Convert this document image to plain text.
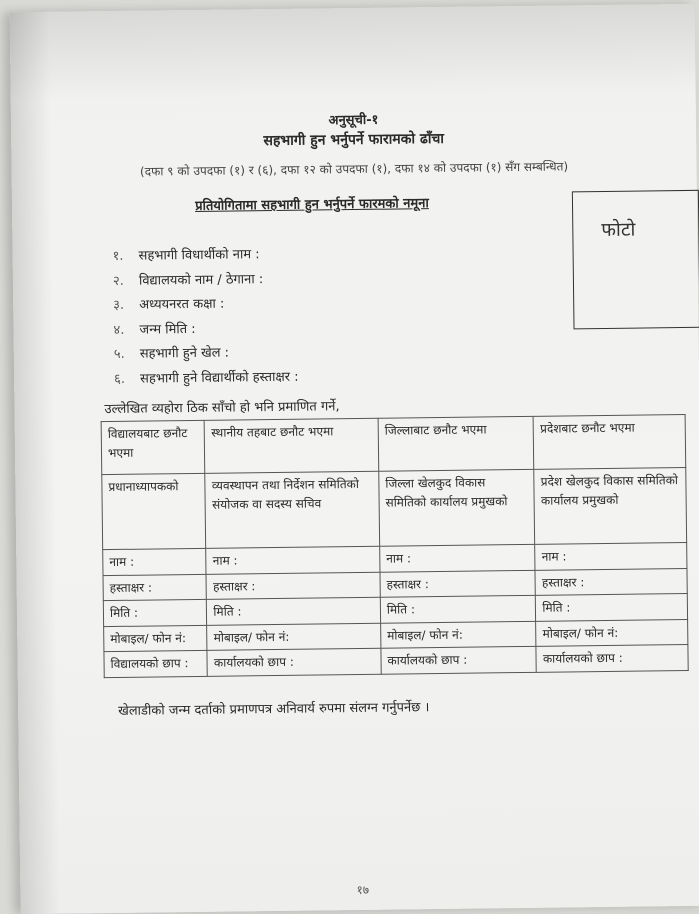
अनुसूची-१
सहभागी हुन भर्नुपर्ने फारामको ढाँचा
(दफा ९ को उपदफा (१) र (६), दफा १२ को उपदफा (१), दफा १४ को उपदफा (१) सँग सम्बन्धित)
प्रतियोगितामा सहभागी हुन भर्नुपर्ने फारमको नमूना
फोटो
१. सहभागी विधार्थीको नाम :
२. विद्यालयको नाम / ठेगाना :
३. अध्ययनरत कक्षा :
४. जन्म मिति :
५. सहभागी हुने खेल :
६. सहभागी हुने विद्यार्थीको हस्ताक्षर :
उल्लेखित व्यहोरा ठिक साँचो हो भनि प्रमाणित गर्ने,
विद्यालयबाट छनौट भएमा	स्थानीय तहबाट छनौट भएमा	जिल्लाबाट छनौट भएमा	प्रदेशबाट छनौट भएमा
प्रधानाध्यापकको	व्यवस्थापन तथा निर्देशन समितिको संयोजक वा सदस्य सचिव	जिल्ला खेलकुद विकास समितिको कार्यालय प्रमुखको	प्रदेश खेलकुद विकास समितिको कार्यालय प्रमुखको
नाम :	नाम :	नाम :	नाम :
हस्ताक्षर :	हस्ताक्षर :	हस्ताक्षर :	हस्ताक्षर :
मिति :	मिति :	मिति :	मिति :
मोबाइल/ फोन नं:	मोबाइल/ फोन नं:	मोबाइल/ फोन नं:	मोबाइल/ फोन नं:
विद्यालयको छाप :	कार्यालयको छाप :	कार्यालयको छाप :	कार्यालयको छाप :
खेलाडीको जन्म दर्ताको प्रमाणपत्र अनिवार्य रुपमा संलग्न गर्नुपर्नेछ ।
१७
